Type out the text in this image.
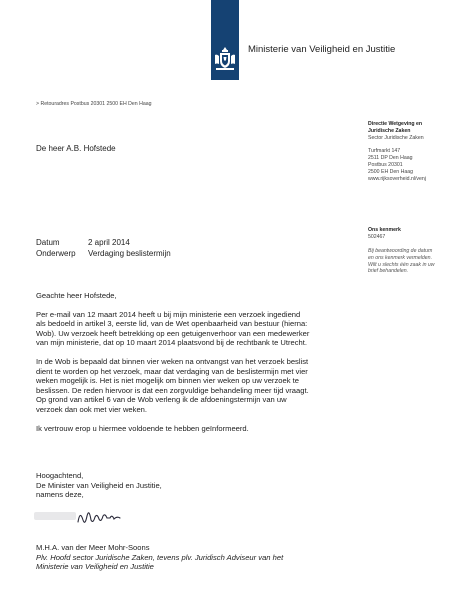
Ministerie van Veiligheid en Justitie
> Retouradres Postbus 20301 2500 EH Den Haag
De heer A.B. Hofstede
Directie Wetgeving en
Juridische Zaken
Sector Juridische Zaken
Turfmarkt 147
2511 DP Den Haag
Postbus 20301
2500 EH Den Haag
www.rijksoverheid.nl/venj
Ons kenmerk
502467
Bij beantwoording de datum
en ons kenmerk vermelden.
Wilt u slechts één zaak in uw
brief behandelen.
Datum	2 april 2014
Onderwerp	Verdaging beslistermijn

Geachte heer Hofstede,

Per e-mail van 12 maart 2014 heeft u bij mijn ministerie een verzoek ingediend
als bedoeld in artikel 3, eerste lid, van de Wet openbaarheid van bestuur (hierna:
Wob). Uw verzoek heeft betrekking op een getuigenverhoor van een medewerker
van mijn ministerie, dat op 10 maart 2014 plaatsvond bij de rechtbank te Utrecht.

In de Wob is bepaald dat binnen vier weken na ontvangst van het verzoek beslist
dient te worden op het verzoek, maar dat verdaging van de beslistermijn met vier
weken mogelijk is. Het is niet mogelijk om binnen vier weken op uw verzoek te
beslissen. De reden hiervoor is dat een zorgvuldige behandeling meer tijd vraagt.
Op grond van artikel 6 van de Wob verleng ik de afdoeningstermijn van uw
verzoek dan ook met vier weken.

Ik vertrouw erop u hiermee voldoende te hebben geïnformeerd.

Hoogachtend,
De Minister van Veiligheid en Justitie,
namens deze,
M.H.A. van der Meer Mohr-Soons
Plv. Hoofd sector Juridische Zaken, tevens plv. Juridisch Adviseur van het
Ministerie van Veiligheid en Justitie
